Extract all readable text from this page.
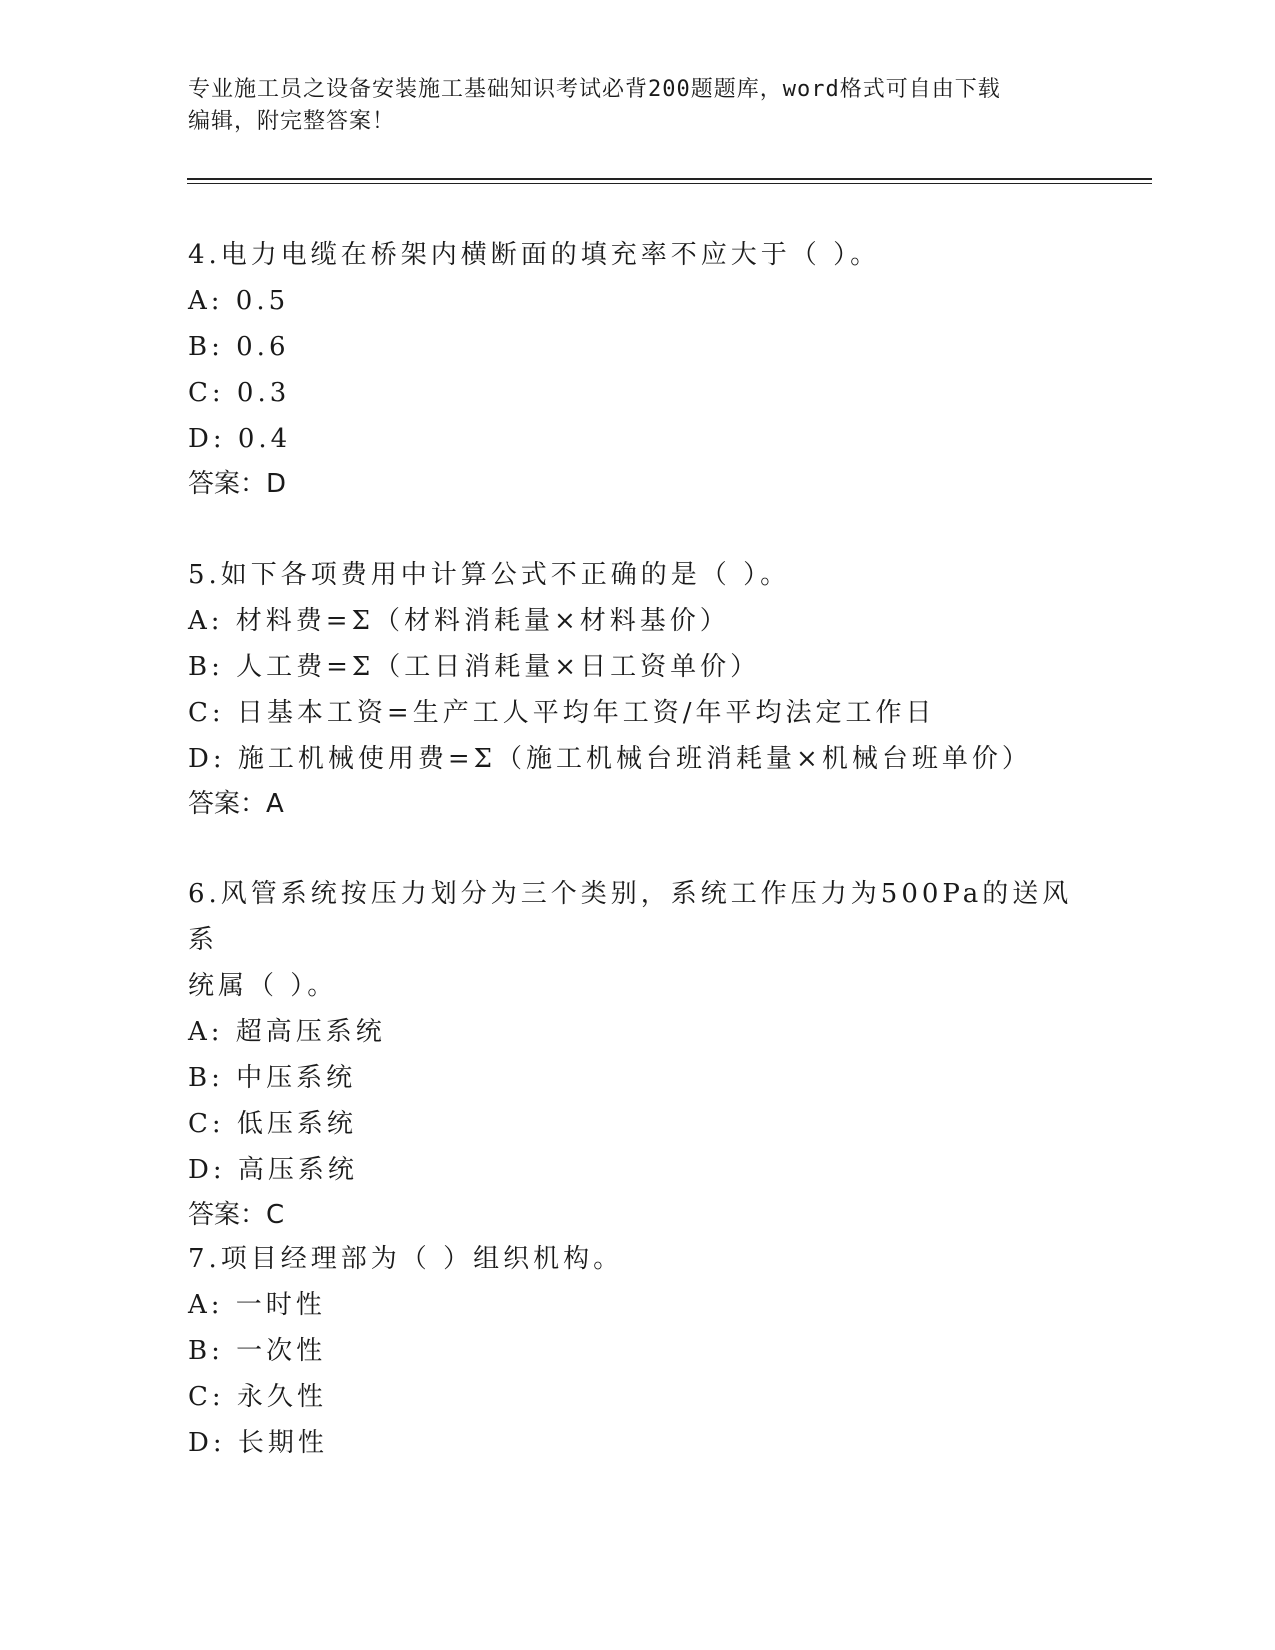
专业施工员之设备安装施工基础知识考试必背200题题库，word格式可自由下载
编辑，附完整答案！

4.电力电缆在桥架内横断面的填充率不应大于（ ）。

A: 0.5

B: 0.6

C: 0.3

D: 0.4

答案：D

5.如下各项费用中计算公式不正确的是（ ）。

A: 材料费=Σ（材料消耗量×材料基价）

B: 人工费=Σ（工日消耗量×日工资单价）

C: 日基本工资=生产工人平均年工资/年平均法定工作日

D: 施工机械使用费=Σ（施工机械台班消耗量×机械台班单价）

答案：A

6.风管系统按压力划分为三个类别，系统工作压力为500Pa的送风系

统属（ ）。

A: 超高压系统

B: 中压系统

C: 低压系统

D: 高压系统

答案：C

7.项目经理部为（ ）组织机构。

A: 一时性

B: 一次性

C: 永久性

D: 长期性
